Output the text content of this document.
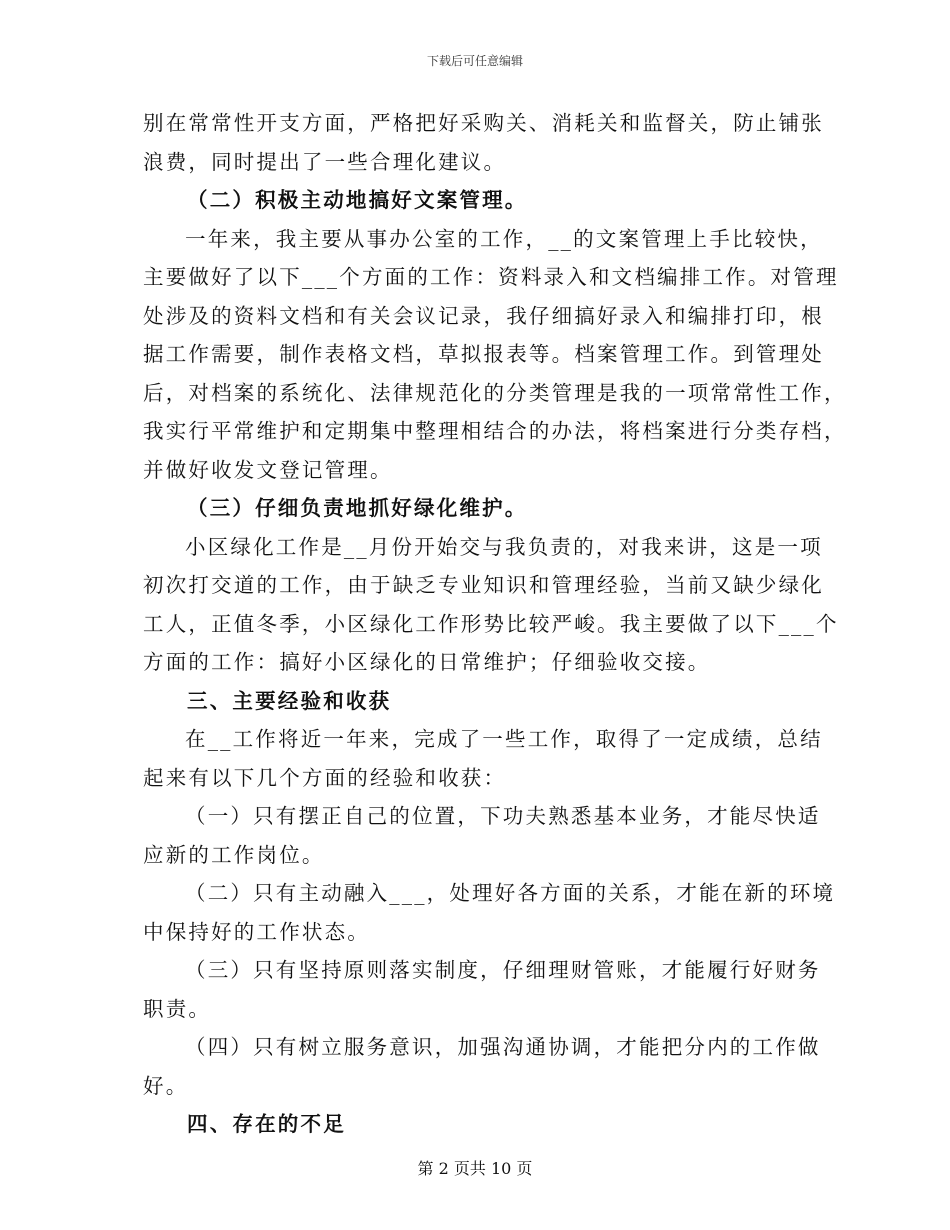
下载后可任意编辑
别在常常性开支方面，严格把好采购关、消耗关和监督关，防止铺张
浪费，同时提出了一些合理化建议。
（二）积极主动地搞好文案管理。
一年来，我主要从事办公室的工作，__的文案管理上手比较快，
主要做好了以下___个方面的工作：资料录入和文档编排工作。对管理
处涉及的资料文档和有关会议记录，我仔细搞好录入和编排打印，根
据工作需要，制作表格文档，草拟报表等。档案管理工作。到管理处
后，对档案的系统化、法律规范化的分类管理是我的一项常常性工作，
我实行平常维护和定期集中整理相结合的办法，将档案进行分类存档，
并做好收发文登记管理。
（三）仔细负责地抓好绿化维护。
小区绿化工作是__月份开始交与我负责的，对我来讲，这是一项
初次打交道的工作，由于缺乏专业知识和管理经验，当前又缺少绿化
工人，正值冬季，小区绿化工作形势比较严峻。我主要做了以下___个
方面的工作：搞好小区绿化的日常维护；仔细验收交接。
三、主要经验和收获
在__工作将近一年来，完成了一些工作，取得了一定成绩，总结
起来有以下几个方面的经验和收获：
（一）只有摆正自己的位置，下功夫熟悉基本业务，才能尽快适
应新的工作岗位。
（二）只有主动融入___，处理好各方面的关系，才能在新的环境
中保持好的工作状态。
（三）只有坚持原则落实制度，仔细理财管账，才能履行好财务
职责。
（四）只有树立服务意识，加强沟通协调，才能把分内的工作做
好。
四、存在的不足
第 2 页共 10 页
